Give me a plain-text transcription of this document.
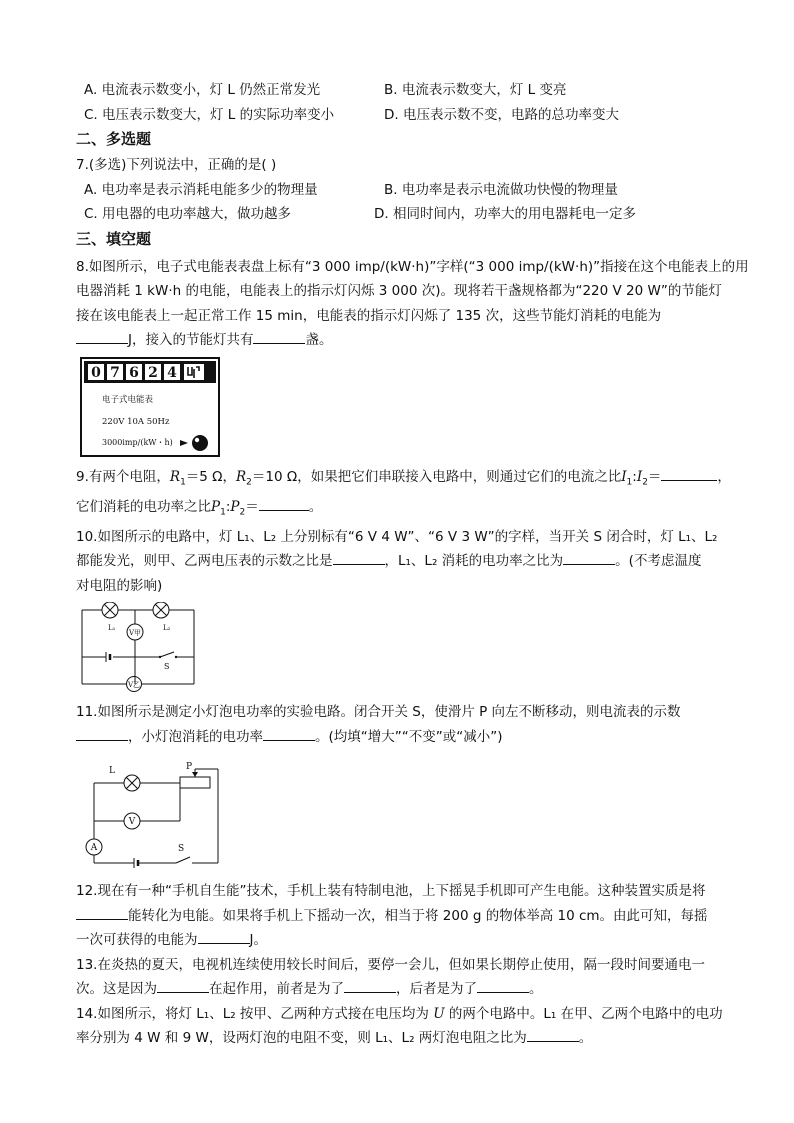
A. 电流表示数变小，灯 L 仍然正常发光	B. 电流表示数变大，灯 L 变亮
C. 电压表示数变大，灯 L 的实际功率变小	D. 电压表示数不变，电路的总功率变大
二、多选题
7.(多选)下列说法中，正确的是( )
A. 电功率是表示消耗电能多少的物理量	B. 电功率是表示电流做功快慢的物理量
C. 用电器的电功率越大，做功越多	D. 相同时间内，功率大的用电器耗电一定多
三、填空题
8.如图所示，电子式电能表表盘上标有“3 000 imp/(kW·h)”字样(“3 000 imp/(kW·h)”指接在这个电能表上的用
电器消耗 1 kW·h 的电能，电能表上的指示灯闪烁 3 000 次)。现将若干盏规格都为“220 V 20 W”的节能灯
接在该电能表上一起正常工作 15 min，电能表的指示灯闪烁了 135 次，这些节能灯消耗的电能为
J，接入的节能灯共有	盏。
0 7 6 2 4
电子式电能表
220V 10A 50Hz
3000imp/(kW・h)
9.有两个电阻，$R_1=5$ Ω，$R_2=10$ Ω，如果把它们串联接入电路中，则通过它们的电流之比$I_1:I_2=$	，
它们消耗的电功率之比$P_1:P_2=$	。
10.如图所示的电路中，灯 L₁、L₂ 上分别标有“6 V 4 W”、“6 V 3 W”的字样，当开关 S 闭合时，灯 L₁、L₂
都能发光，则甲、乙两电压表的示数之比是	，L₁、L₂ 消耗的电功率之比为	。(不考虑温度
对电阻的影响)
L₁	L₂
V甲
V乙
S
11.如图所示是测定小灯泡电功率的实验电路。闭合开关 S，使滑片 P 向左不断移动，则电流表的示数
，小灯泡消耗的电功率	。(均填“增大”“不变”或“减小”)
L	P
V
A	S
12.现在有一种“手机自生能”技术，手机上装有特制电池，上下摇晃手机即可产生电能。这种装置实质是将
能转化为电能。如果将手机上下摇动一次，相当于将 200 g 的物体举高 10 cm。由此可知，每摇
一次可获得的电能为	J。
13.在炎热的夏天，电视机连续使用较长时间后，要停一会儿，但如果长期停止使用，隔一段时间要通电一
次。这是因为	在起作用，前者是为了	，后者是为了	。
14.如图所示，将灯 L₁、L₂ 按甲、乙两种方式接在电压均为 U 的两个电路中。L₁ 在甲、乙两个电路中的电功
率分别为 4 W 和 9 W，设两灯泡的电阻不变，则 L₁、L₂ 两灯泡电阻之比为	。
